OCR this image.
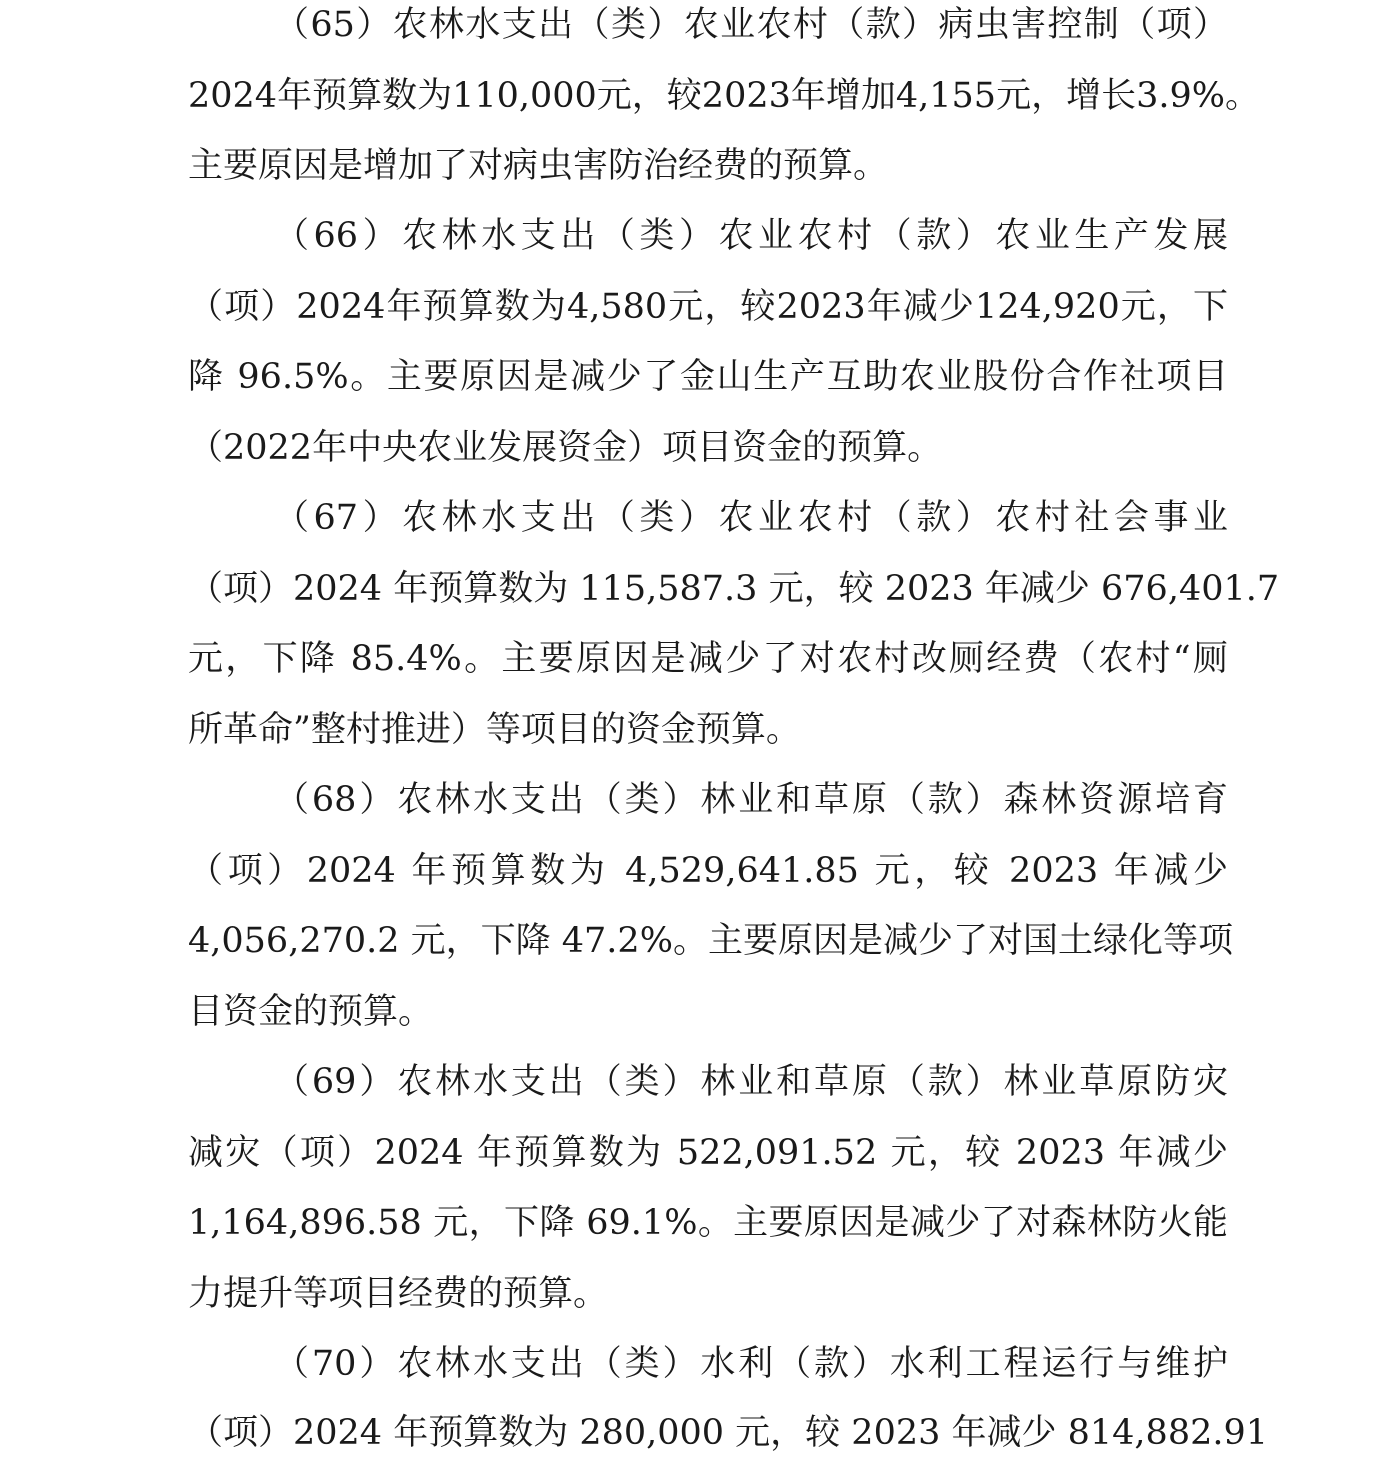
（65）农林水支出（类）农业农村（款）病虫害控制（项）
2024年预算数为110,000元，较2023年增加4,155元，增长3.9%。
主要原因是增加了对病虫害防治经费的预算。
（66）农林水支出（类）农业农村（款）农业生产发展
（项）2024年预算数为4,580元，较2023年减少124,920元，下
降 96.5%。主要原因是减少了金山生产互助农业股份合作社项目
（2022年中央农业发展资金）项目资金的预算。
（67）农林水支出（类）农业农村（款）农村社会事业
（项）2024 年预算数为 115,587.3 元，较 2023 年减少 676,401.7
元，下降 85.4%。主要原因是减少了对农村改厕经费（农村“厕
所革命”整村推进）等项目的资金预算。
（68）农林水支出（类）林业和草原（款）森林资源培育
（项）2024 年预算数为 4,529,641.85 元，较 2023 年减少
4,056,270.2 元，下降 47.2%。主要原因是减少了对国土绿化等项
目资金的预算。
（69）农林水支出（类）林业和草原（款）林业草原防灾
减灾（项）2024 年预算数为 522,091.52 元，较 2023 年减少
1,164,896.58 元，下降 69.1%。主要原因是减少了对森林防火能
力提升等项目经费的预算。
（70）农林水支出（类）水利（款）水利工程运行与维护
（项）2024 年预算数为 280,000 元，较 2023 年减少 814,882.91
